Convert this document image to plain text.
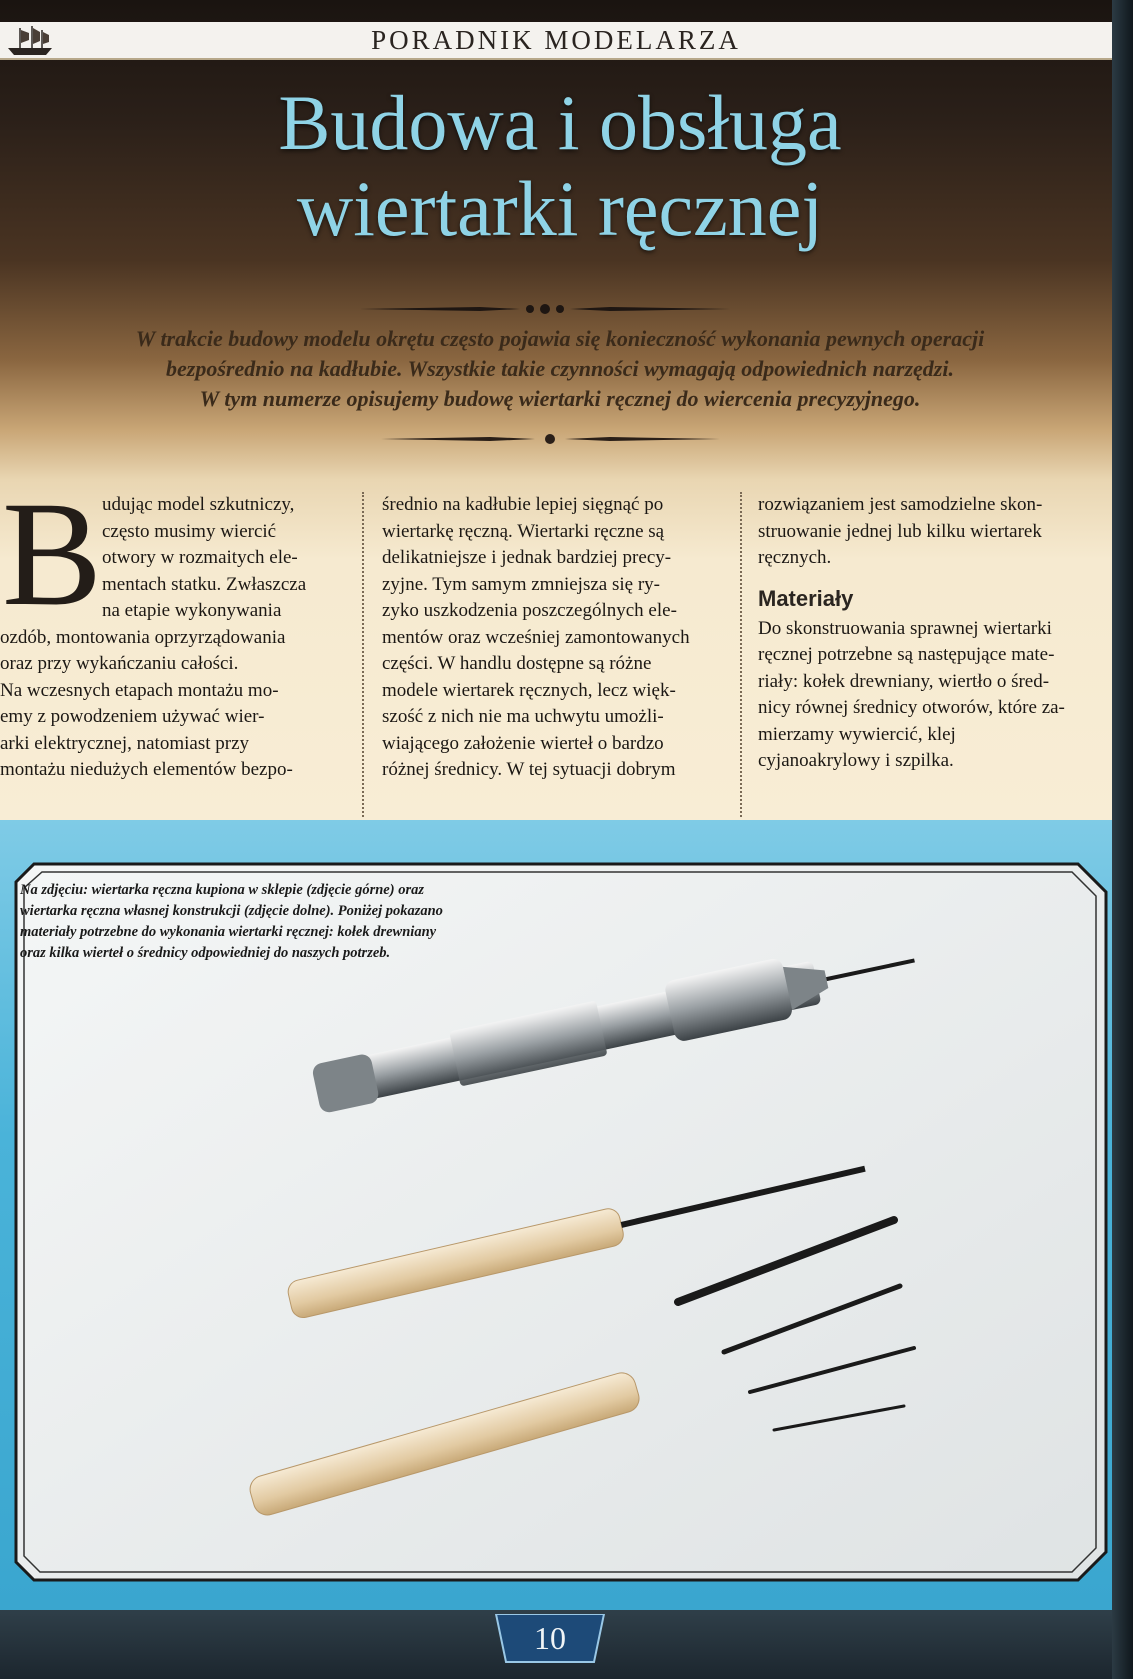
PORADNIK MODELARZA
Budowa i obsługa
wiertarki ręcznej
W trakcie budowy modelu okrętu często pojawia się konieczność wykonania pewnych operacji
bezpośrednio na kadłubie. Wszystkie takie czynności wymagają odpowiednich narzędzi.
W tym numerze opisujemy budowę wiertarki ręcznej do wiercenia precyzyjnego.
B udując model szkutniczy,
często musimy wiercić
otwory w rozmaitych ele-
mentach statku. Zwłaszcza
na etapie wykonywania
ozdób, montowania oprzyrządowania
oraz przy wykańczaniu całości.
Na wczesnych etapach montażu mo-
emy z powodzeniem używać wier-
arki elektrycznej, natomiast przy
montażu niedużych elementów bezpo-
średnio na kadłubie lepiej sięgnąć po
wiertarkę ręczną. Wiertarki ręczne są
delikatniejsze i jednak bardziej precy-
zyjne. Tym samym zmniejsza się ry-
zyko uszkodzenia poszczególnych ele-
mentów oraz wcześniej zamontowanych
części. W handlu dostępne są różne
modele wiertarek ręcznych, lecz więk-
szość z nich nie ma uchwytu umożli-
wiającego założenie wierteł o bardzo
różnej średnicy. W tej sytuacji dobrym
rozwiązaniem jest samodzielne skon-
struowanie jednej lub kilku wiertarek
ręcznych.
Materiały
Do skonstruowania sprawnej wiertarki
ręcznej potrzebne są następujące mate-
riały: kołek drewniany, wiertło o śred-
nicy równej średnicy otworów, które za-
mierzamy wywiercić, klej
cyjanoakrylowy i szpilka.
Na zdjęciu: wiertarka ręczna kupiona w sklepie (zdjęcie górne) oraz
wiertarka ręczna własnej konstrukcji (zdjęcie dolne). Poniżej pokazano
materiały potrzebne do wykonania wiertarki ręcznej: kołek drewniany
oraz kilka wierteł o średnicy odpowiedniej do naszych potrzeb.
10
